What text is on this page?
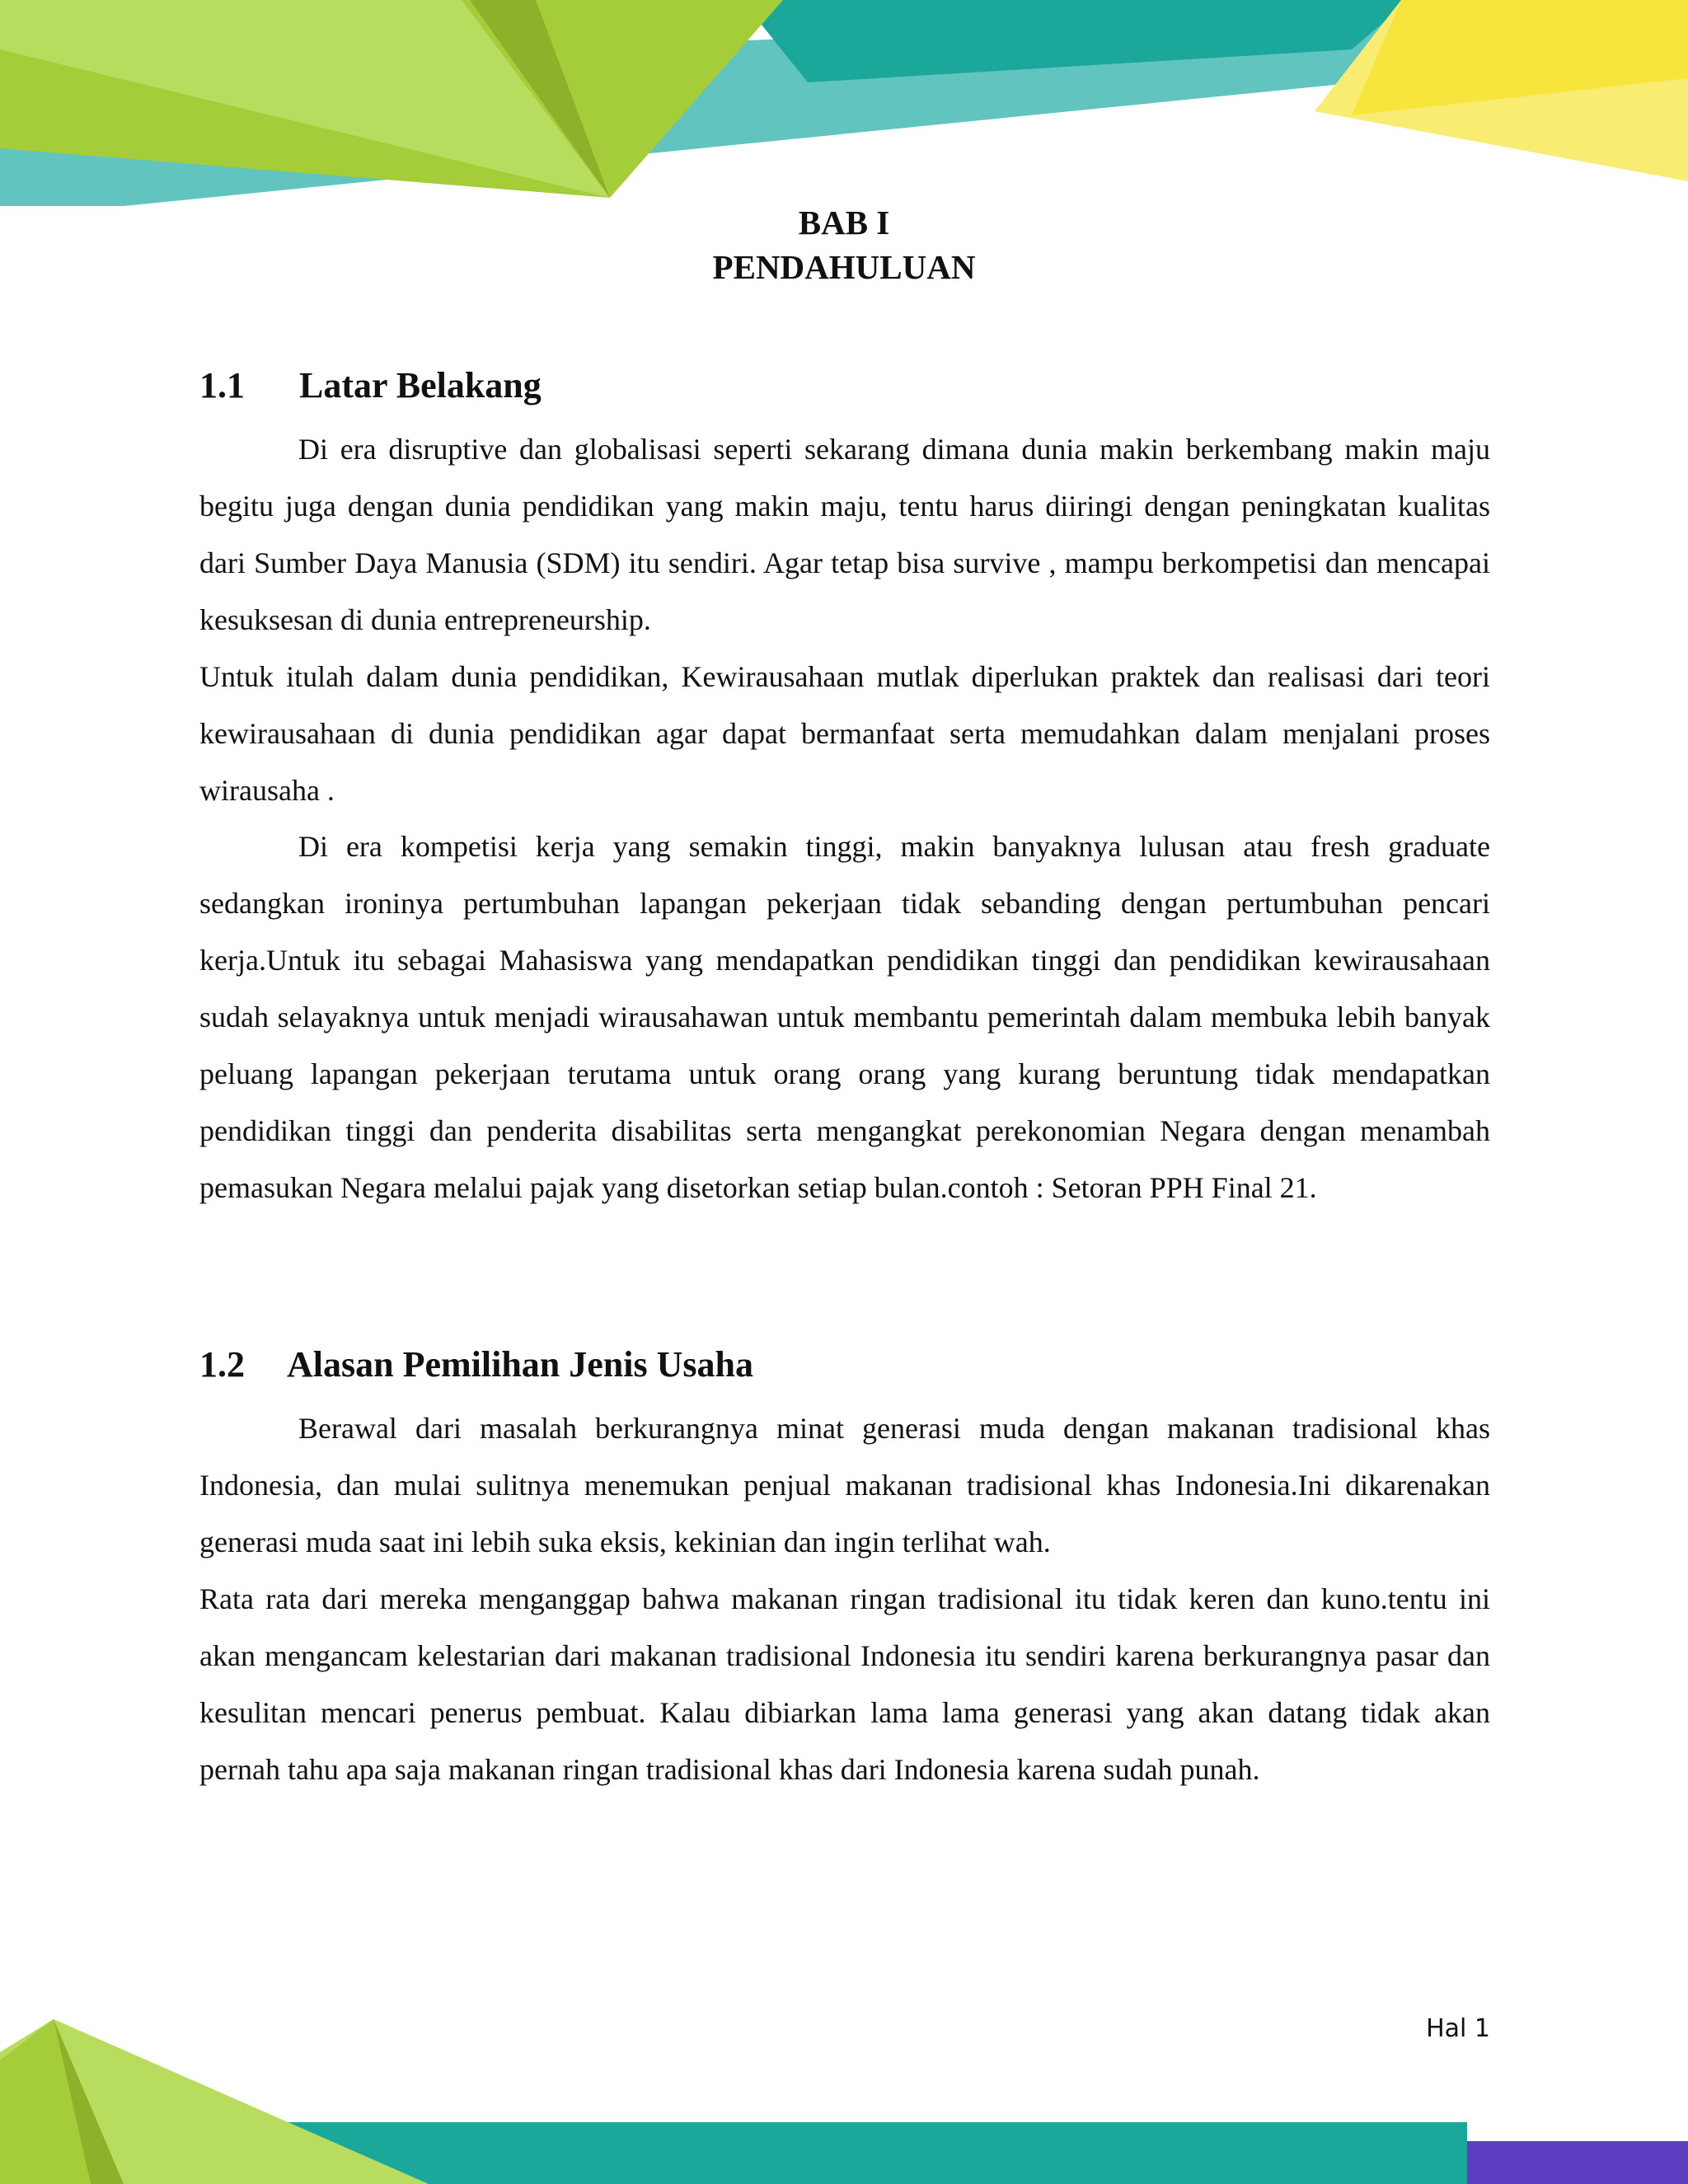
BAB I
PENDAHULUAN
1.1 Latar Belakang

Di era disruptive dan globalisasi seperti sekarang dimana dunia makin berkembang makin maju begitu juga dengan dunia pendidikan yang makin maju, tentu harus diiringi dengan peningkatan kualitas dari Sumber Daya Manusia (SDM) itu sendiri. Agar tetap bisa survive , mampu berkompetisi dan mencapai kesuksesan di dunia entrepreneurship.

Untuk itulah dalam dunia pendidikan, Kewirausahaan mutlak diperlukan praktek dan realisasi dari teori kewirausahaan di dunia pendidikan agar dapat bermanfaat serta memudahkan dalam menjalani proses wirausaha .

Di era kompetisi kerja yang semakin tinggi, makin banyaknya lulusan atau fresh graduate sedangkan ironinya pertumbuhan lapangan pekerjaan tidak sebanding dengan pertumbuhan pencari kerja.Untuk itu sebagai Mahasiswa yang mendapatkan pendidikan tinggi dan pendidikan kewirausahaan sudah selayaknya untuk menjadi wirausahawan untuk membantu pemerintah dalam membuka lebih banyak peluang lapangan pekerjaan terutama untuk orang orang yang kurang beruntung tidak mendapatkan pendidikan tinggi dan penderita disabilitas serta mengangkat perekonomian Negara dengan menambah pemasukan Negara melalui pajak yang disetorkan setiap bulan.contoh : Setoran PPH Final 21.

1.2 Alasan Pemilihan Jenis Usaha

Berawal dari masalah berkurangnya minat generasi muda dengan makanan tradisional khas Indonesia, dan mulai sulitnya menemukan penjual makanan tradisional khas Indonesia.Ini dikarenakan generasi muda saat ini lebih suka eksis, kekinian dan ingin terlihat wah.

Rata rata dari mereka menganggap bahwa makanan ringan tradisional itu tidak keren dan kuno.tentu ini akan mengancam kelestarian dari makanan tradisional Indonesia itu sendiri karena berkurangnya pasar dan kesulitan mencari penerus pembuat. Kalau dibiarkan lama lama generasi yang akan datang tidak akan pernah tahu apa saja makanan ringan tradisional khas dari Indonesia karena sudah punah.

Hal 1
